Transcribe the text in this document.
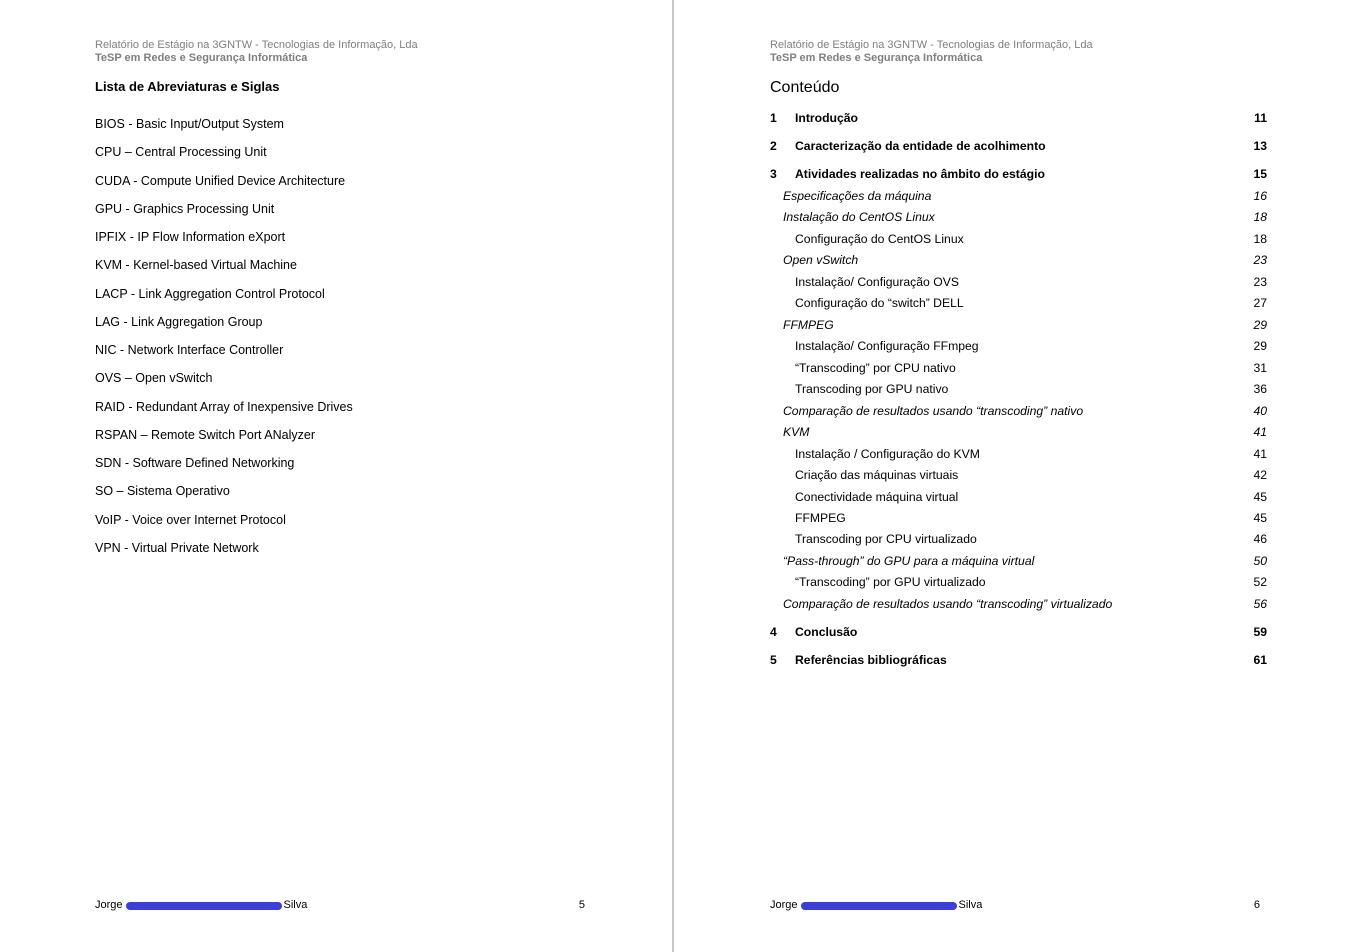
Relatório de Estágio na 3GNTW - Tecnologias de Informação, Lda
TeSP em Redes e Segurança Informática
Lista de Abreviaturas e Siglas
BIOS - Basic Input/Output System
CPU – Central Processing Unit
CUDA - Compute Unified Device Architecture
GPU - Graphics Processing Unit
IPFIX - IP Flow Information eXport
KVM - Kernel-based Virtual Machine
LACP - Link Aggregation Control Protocol
LAG - Link Aggregation Group
NIC - Network Interface Controller
OVS – Open vSwitch
RAID - Redundant Array of Inexpensive Drives
RSPAN – Remote Switch Port ANalyzer
SDN - Software Defined Networking
SO – Sistema Operativo
VoIP - Voice over Internet Protocol
VPN - Virtual Private Network
Jorge	Silva	5
Relatório de Estágio na 3GNTW - Tecnologias de Informação, Lda
TeSP em Redes e Segurança Informática
Conteúdo
1 Introdução	11
2 Caracterização da entidade de acolhimento	13
3 Atividades realizadas no âmbito do estágio	15
Especificações da máquina	16
Instalação do CentOS Linux	18
Configuração do CentOS Linux	18
Open vSwitch	23
Instalação/ Configuração OVS	23
Configuração do “switch” DELL	27
FFMPEG	29
Instalação/ Configuração FFmpeg	29
“Transcoding” por CPU nativo	31
Transcoding por GPU nativo	36
Comparação de resultados usando “transcoding” nativo	40
KVM	41
Instalação / Configuração do KVM	41
Criação das máquinas virtuais	42
Conectividade máquina virtual	45
FFMPEG	45
Transcoding por CPU virtualizado	46
“Pass-through” do GPU para a máquina virtual	50
“Transcoding” por GPU virtualizado	52
Comparação de resultados usando “transcoding” virtualizado	56
4 Conclusão	59
5 Referências bibliográficas	61
Jorge	Silva	6
